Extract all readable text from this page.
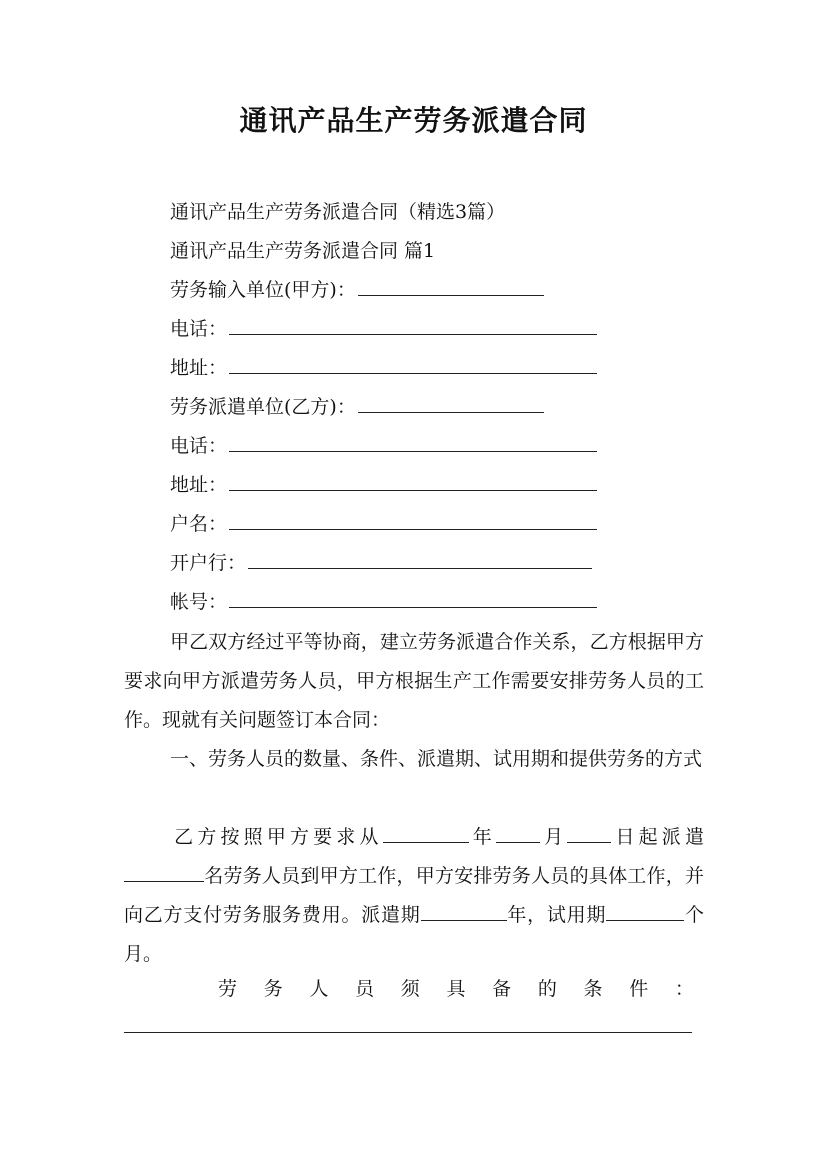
通讯产品生产劳务派遣合同
通讯产品生产劳务派遣合同（精选3篇）
通讯产品生产劳务派遣合同 篇1
劳务输入单位(甲方)：
电话：
地址：
劳务派遣单位(乙方)：
电话：
地址：
户名：
开户行：
帐号：
甲乙双方经过平等协商，建立劳务派遣合作关系，乙方根据甲方要求向甲方派遣劳务人员，甲方根据生产工作需要安排劳务人员的工作。现就有关问题签订本合同：
一、劳务人员的数量、条件、派遣期、试用期和提供劳务的方式
乙方按照甲方要求从	年 月 日起派遣名劳务人员到甲方工作，甲方安排劳务人员的具体工作，并向乙方支付劳务服务费用。派遣期	年，试用期	个月。
劳 务 人 员 须 具 备 的 条 件 ：
